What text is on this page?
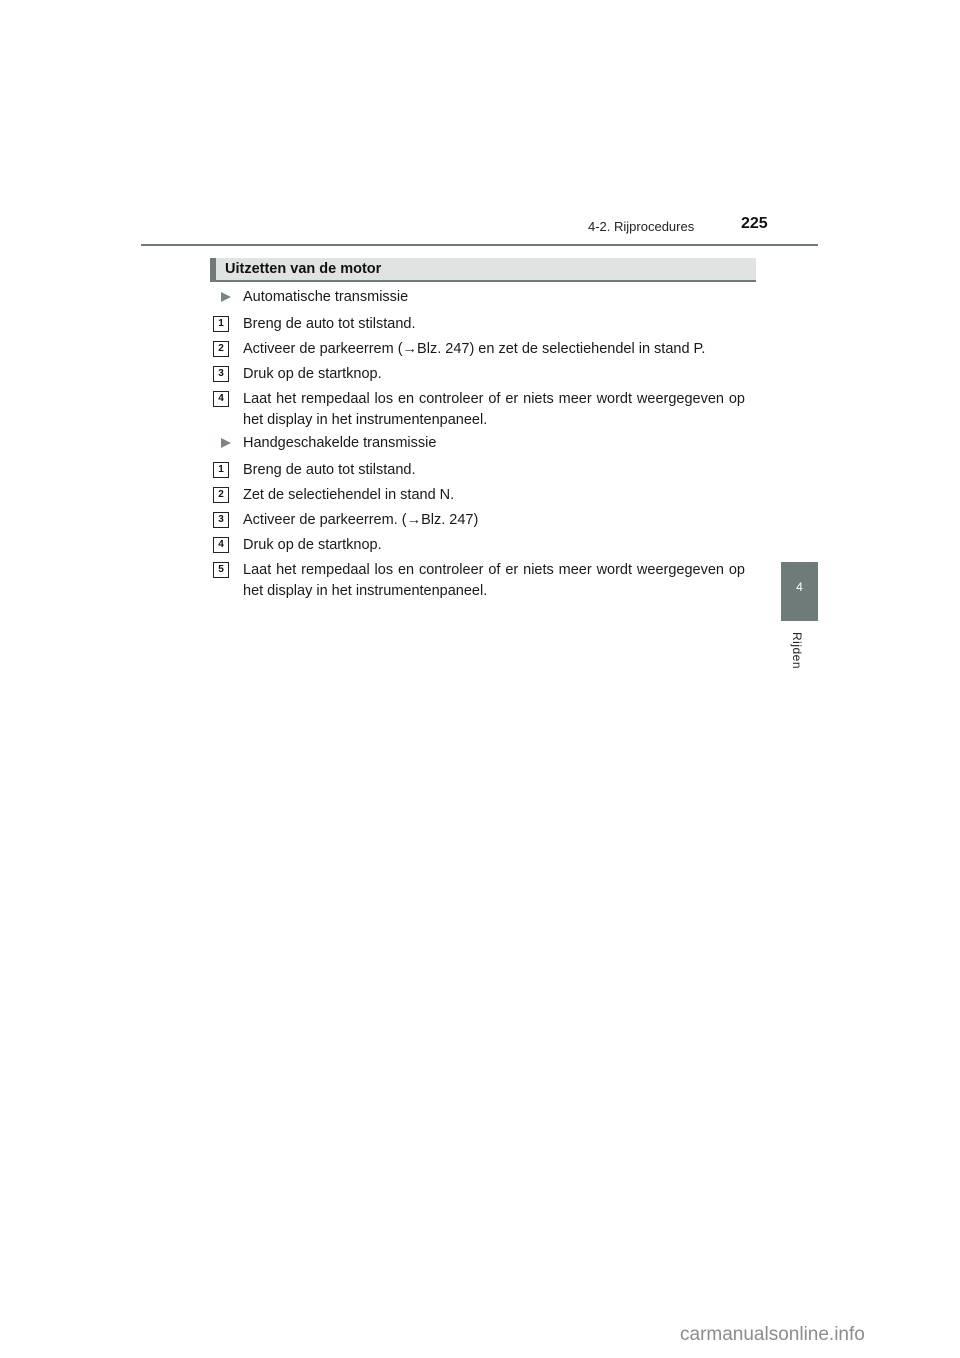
4-2. Rijprocedures	225
4
Rijden
Uitzetten van de motor
Automatische transmissie
1	Breng de auto tot stilstand.
2	Activeer de parkeerrem (→Blz. 247) en zet de selectiehendel in stand P.
3	Druk op de startknop.
4	Laat het rempedaal los en controleer of er niets meer wordt weergegeven op het display in het instrumentenpaneel.
Handgeschakelde transmissie
1	Breng de auto tot stilstand.
2	Zet de selectiehendel in stand N.
3	Activeer de parkeerrem. (→Blz. 247)
4	Druk op de startknop.
5	Laat het rempedaal los en controleer of er niets meer wordt weergegeven op het display in het instrumentenpaneel.
carmanualsonline.info
